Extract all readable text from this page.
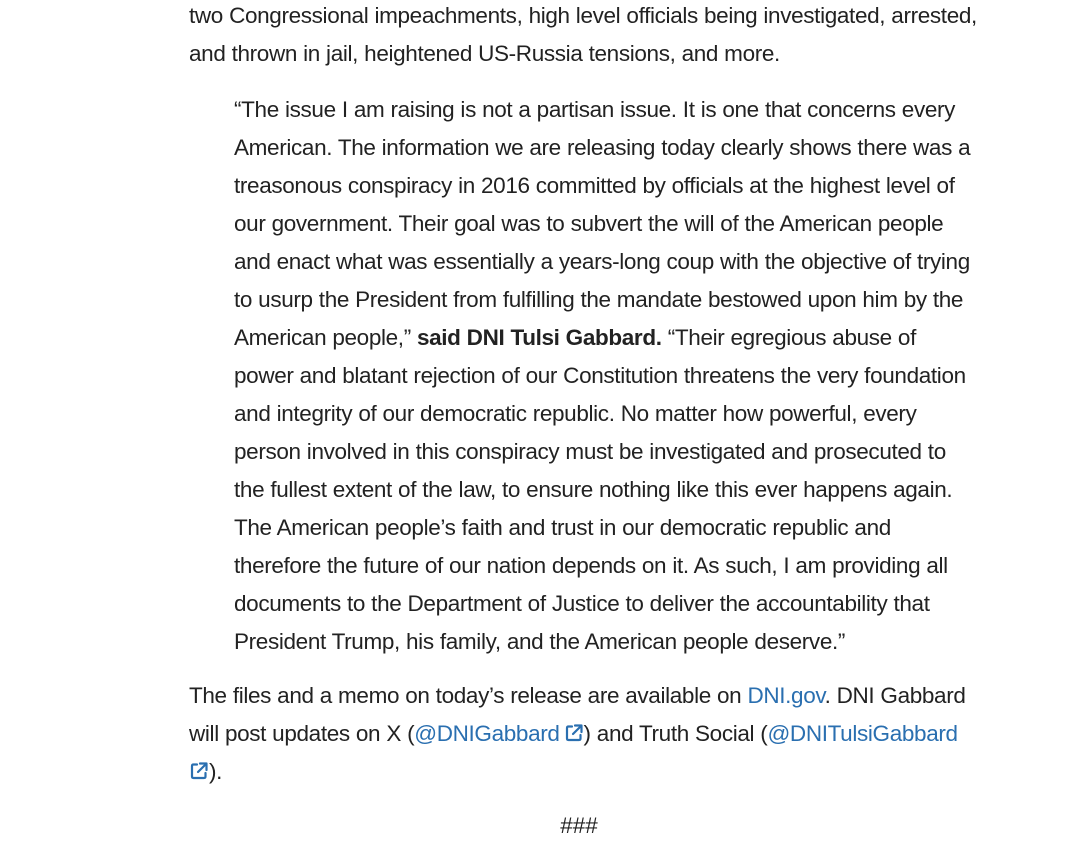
two Congressional impeachments, high level officials being investigated, arrested, and thrown in jail, heightened US-Russia tensions, and more.

“The issue I am raising is not a partisan issue. It is one that concerns every American. The information we are releasing today clearly shows there was a treasonous conspiracy in 2016 committed by officials at the highest level of our government. Their goal was to subvert the will of the American people and enact what was essentially a years-long coup with the objective of trying to usurp the President from fulfilling the mandate bestowed upon him by the American people,” said DNI Tulsi Gabbard. “Their egregious abuse of power and blatant rejection of our Constitution threatens the very foundation and integrity of our democratic republic. No matter how powerful, every person involved in this conspiracy must be investigated and prosecuted to the fullest extent of the law, to ensure nothing like this ever happens again. The American people’s faith and trust in our democratic republic and therefore the future of our nation depends on it. As such, I am providing all documents to the Department of Justice to deliver the accountability that President Trump, his family, and the American people deserve.”

The files and a memo on today’s release are available on DNI.gov. DNI Gabbard will post updates on X (@DNIGabbard ) and Truth Social (@DNITulsiGabbard

).

###
